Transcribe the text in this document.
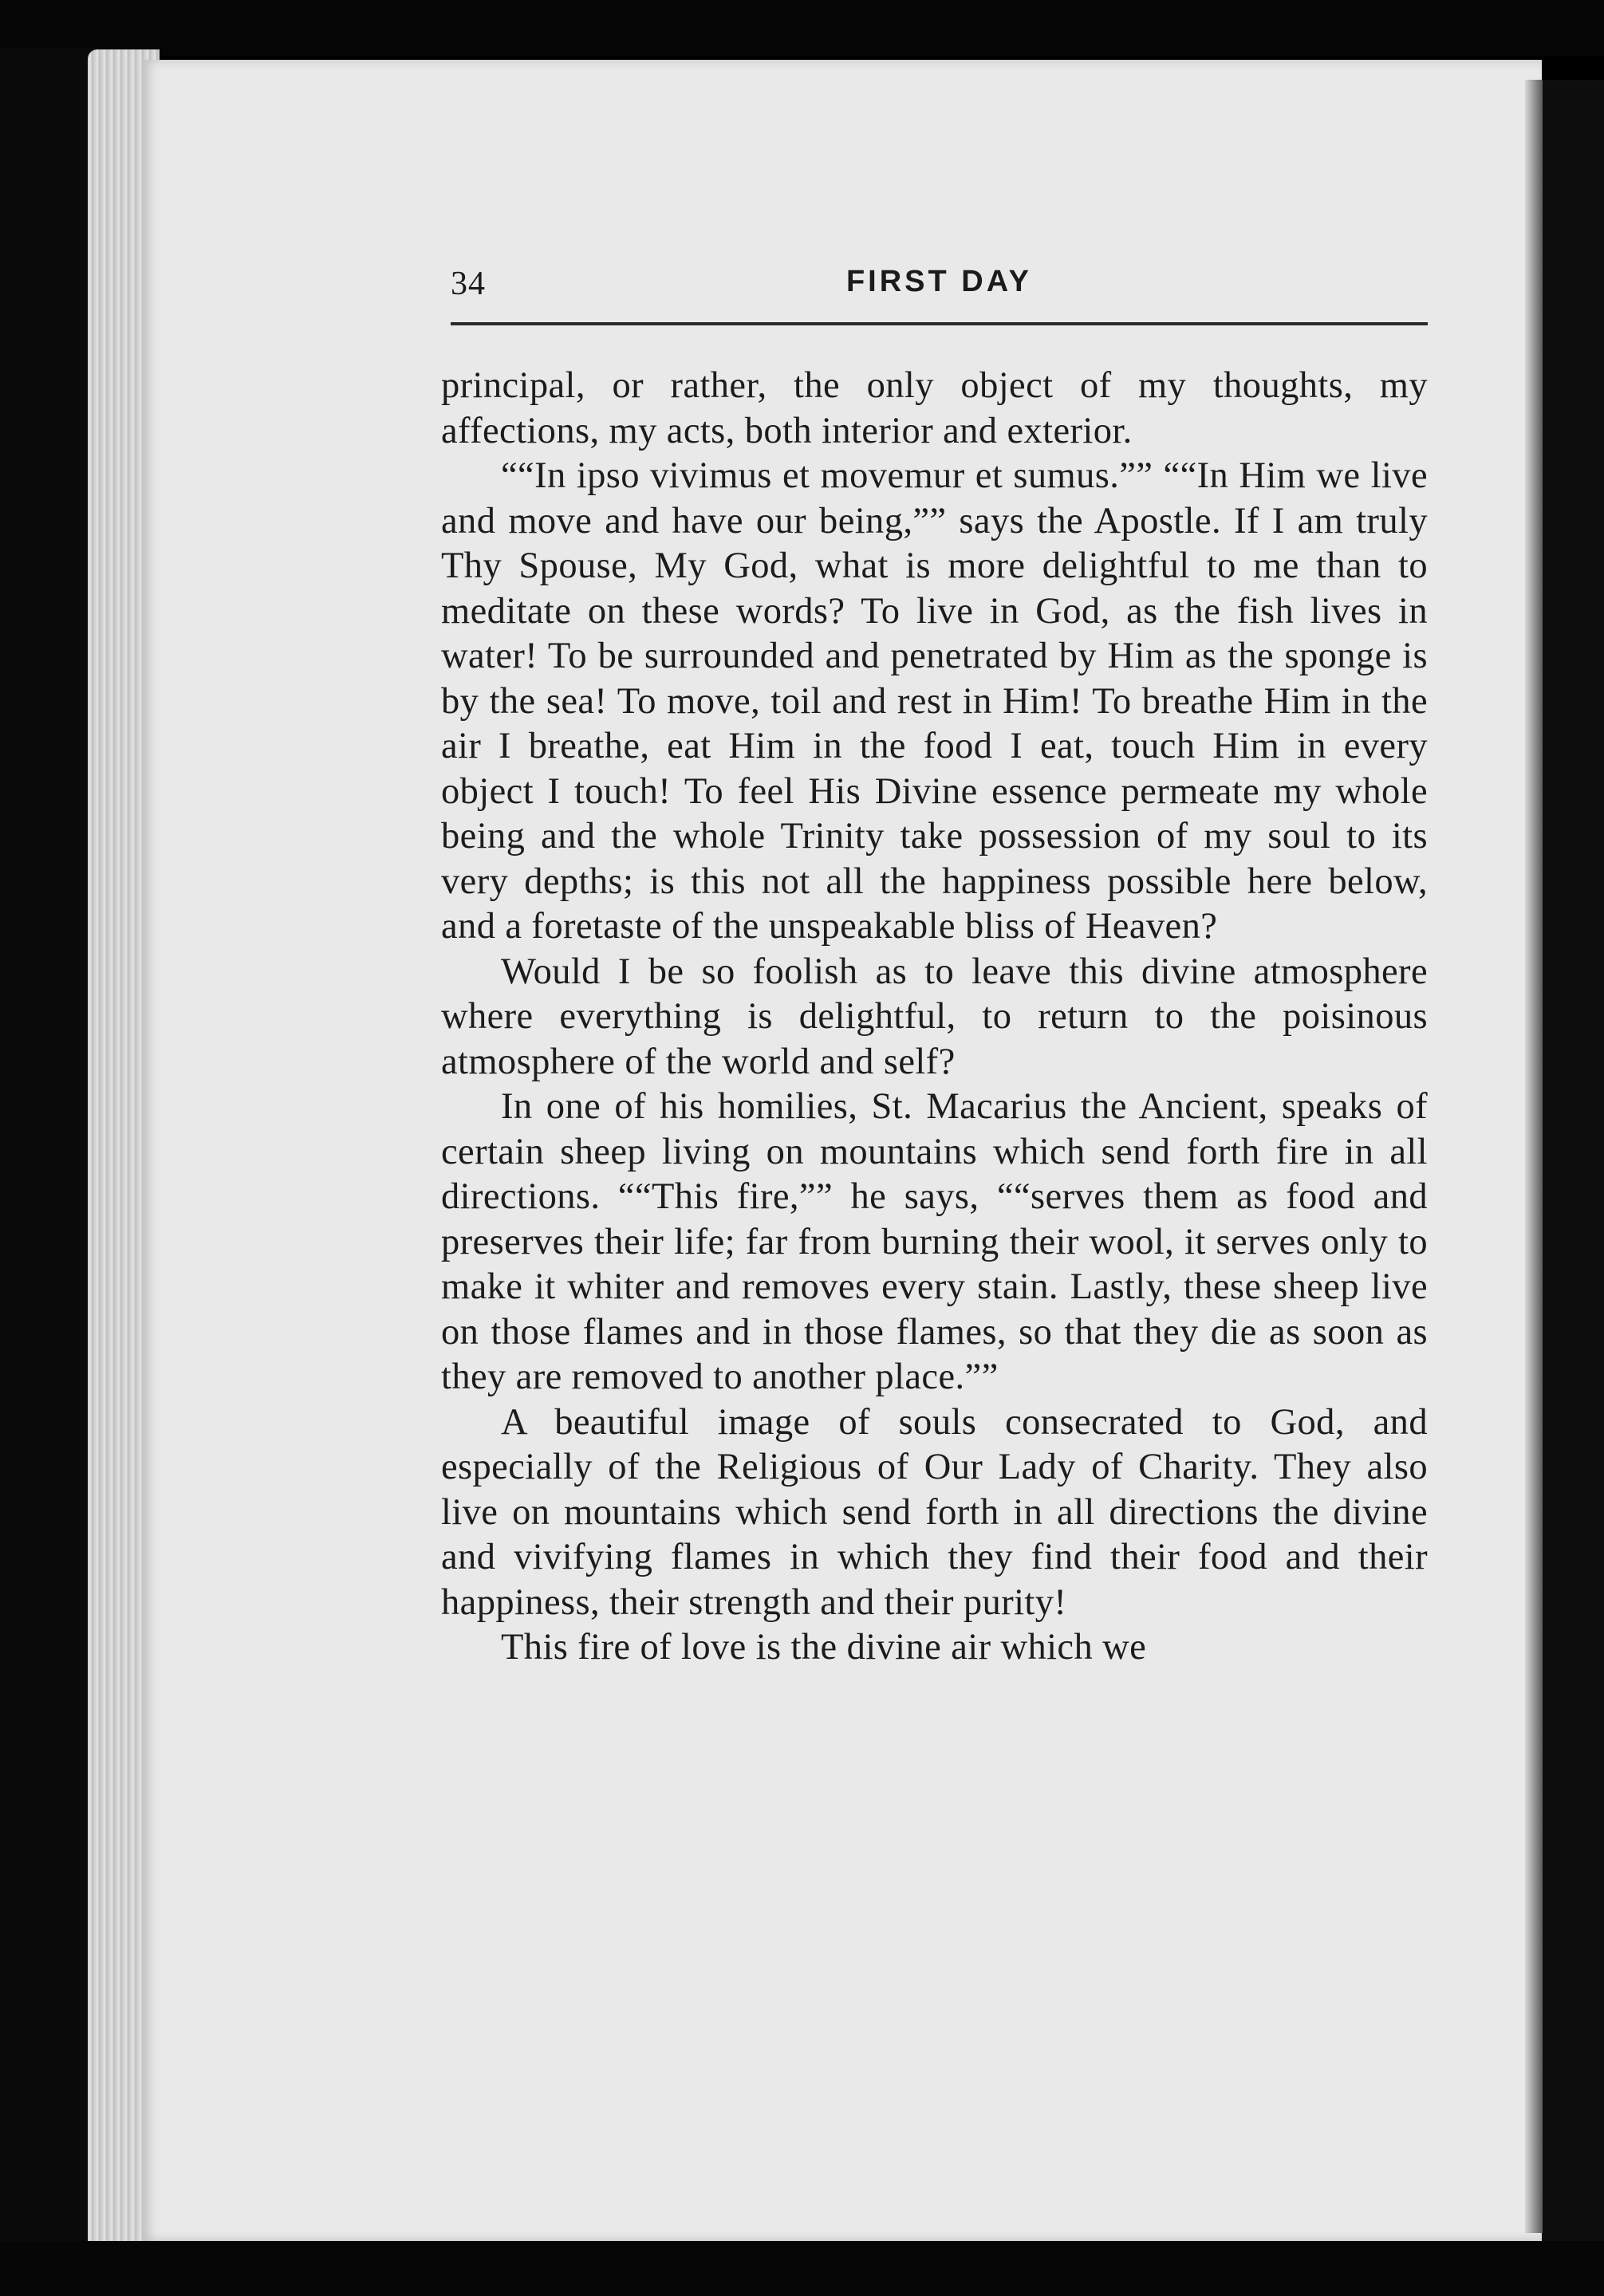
34	FIRST DAY

principal, or rather, the only object of my thoughts, my affections, my acts, both interior and exterior.

““In ipso vivimus et movemur et sumus.”” ““In Him we live and move and have our being,”” says the Apostle. If I am truly Thy Spouse, My God, what is more delightful to me than to meditate on these words? To live in God, as the fish lives in water! To be surrounded and penetrated by Him as the sponge is by the sea! To move, toil and rest in Him! To breathe Him in the air I breathe, eat Him in the food I eat, touch Him in every object I touch! To feel His Divine essence permeate my whole being and the whole Trinity take possession of my soul to its very depths; is this not all the happiness possible here below, and a foretaste of the unspeakable bliss of Heaven?

Would I be so foolish as to leave this divine atmosphere where everything is delightful, to return to the poisinous atmosphere of the world and self?

In one of his homilies, St. Macarius the Ancient, speaks of certain sheep living on mountains which send forth fire in all directions. ““This fire,”” he says, ““serves them as food and preserves their life; far from burning their wool, it serves only to make it whiter and removes every stain. Lastly, these sheep live on those flames and in those flames, so that they die as soon as they are removed to another place.””

A beautiful image of souls consecrated to God, and especially of the Religious of Our Lady of Charity. They also live on mountains which send forth in all directions the divine and vivifying flames in which they find their food and their happiness, their strength and their purity!

This fire of love is the divine air which we
